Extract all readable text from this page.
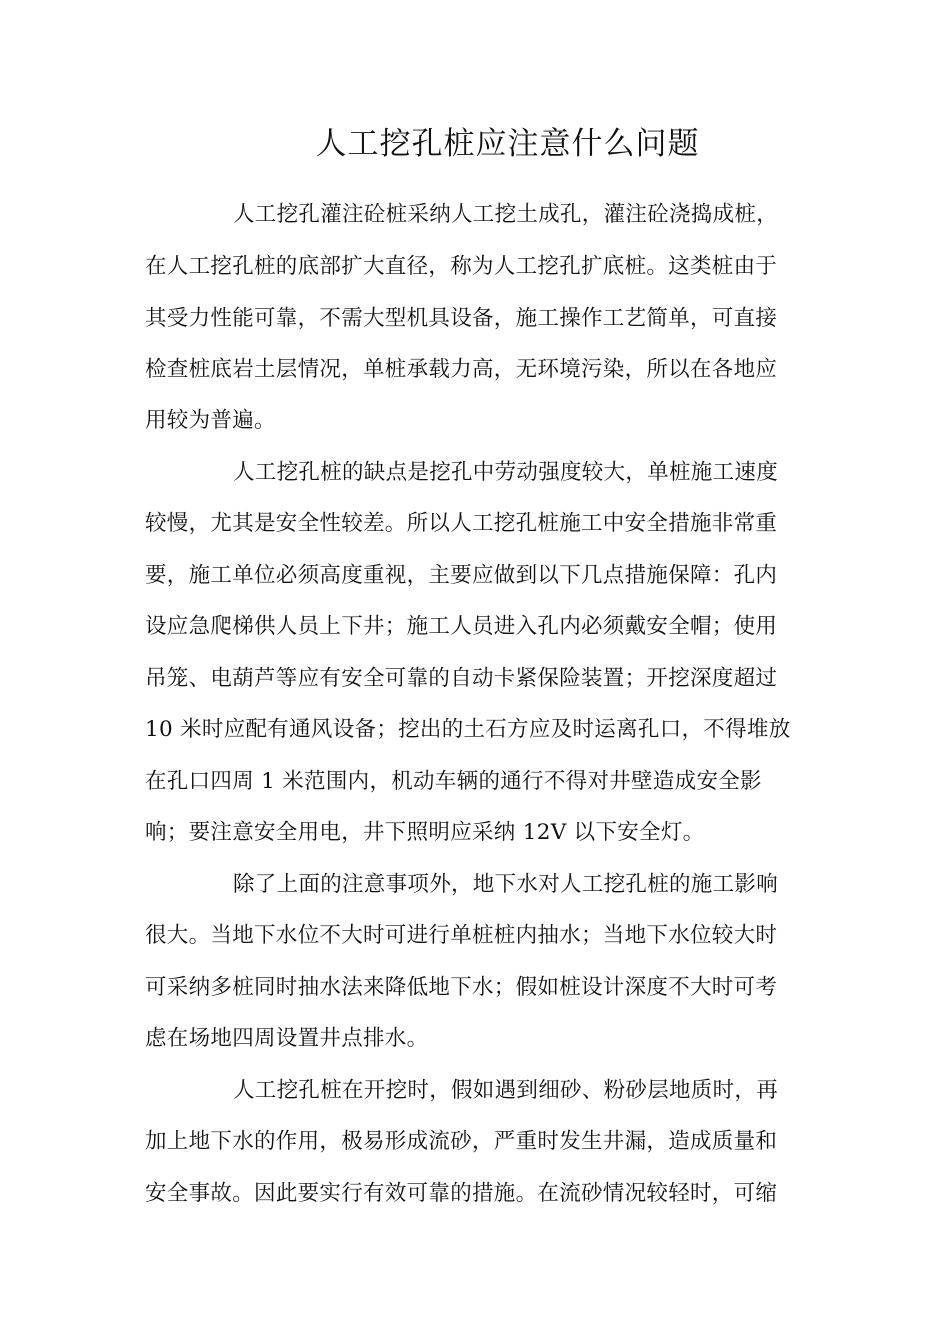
人工挖孔桩应注意什么问题
人工挖孔灌注砼桩采纳人工挖土成孔，灌注砼浇捣成桩，
在人工挖孔桩的底部扩大直径，称为人工挖孔扩底桩。这类桩由于
其受力性能可靠，不需大型机具设备，施工操作工艺简单，可直接
检查桩底岩土层情况，单桩承载力高，无环境污染，所以在各地应
用较为普遍。
人工挖孔桩的缺点是挖孔中劳动强度较大，单桩施工速度
较慢，尤其是安全性较差。所以人工挖孔桩施工中安全措施非常重
要，施工单位必须高度重视，主要应做到以下几点措施保障：孔内
设应急爬梯供人员上下井；施工人员进入孔内必须戴安全帽；使用
吊笼、电葫芦等应有安全可靠的自动卡紧保险装置；开挖深度超过
10 米时应配有通风设备；挖出的土石方应及时运离孔口，不得堆放
在孔口四周 1 米范围内，机动车辆的通行不得对井壁造成安全影
响；要注意安全用电，井下照明应采纳 12V 以下安全灯。
除了上面的注意事项外，地下水对人工挖孔桩的施工影响
很大。当地下水位不大时可进行单桩桩内抽水；当地下水位较大时
可采纳多桩同时抽水法来降低地下水；假如桩设计深度不大时可考
虑在场地四周设置井点排水。
人工挖孔桩在开挖时，假如遇到细砂、粉砂层地质时，再
加上地下水的作用，极易形成流砂，严重时发生井漏，造成质量和
安全事故。因此要实行有效可靠的措施。在流砂情况较轻时，可缩
